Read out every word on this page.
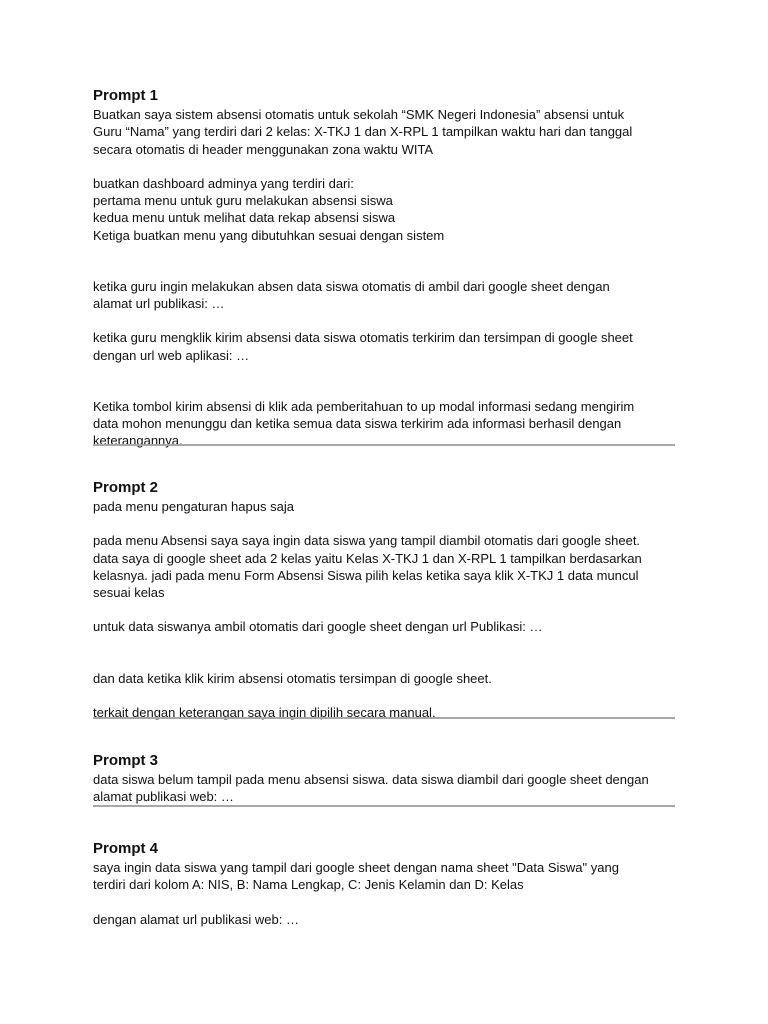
Prompt 1

Buatkan saya sistem absensi otomatis untuk sekolah “SMK Negeri Indonesia” absensi untuk
Guru “Nama” yang terdiri dari 2 kelas: X-TKJ 1 dan X-RPL 1 tampilkan waktu hari dan tanggal
secara otomatis di header menggunakan zona waktu WITA

buatkan dashboard adminya yang terdiri dari:
pertama menu untuk guru melakukan absensi siswa
kedua menu untuk melihat data rekap absensi siswa
Ketiga buatkan menu yang dibutuhkan sesuai dengan sistem

ketika guru ingin melakukan absen data siswa otomatis di ambil dari google sheet dengan
alamat url publikasi: …

ketika guru mengklik kirim absensi data siswa otomatis terkirim dan tersimpan di google sheet
dengan url web aplikasi: …

Ketika tombol kirim absensi di klik ada pemberitahuan to up modal informasi sedang mengirim
data mohon menunggu dan ketika semua data siswa terkirim ada informasi berhasil dengan
keterangannya.

Prompt 2

pada menu pengaturan hapus saja

pada menu Absensi saya saya ingin data siswa yang tampil diambil otomatis dari google sheet.
data saya di google sheet ada 2 kelas yaitu Kelas X-TKJ 1 dan X-RPL 1 tampilkan berdasarkan
kelasnya. jadi pada menu Form Absensi Siswa pilih kelas ketika saya klik X-TKJ 1 data muncul
sesuai kelas

untuk data siswanya ambil otomatis dari google sheet dengan url Publikasi: …

dan data ketika klik kirim absensi otomatis tersimpan di google sheet.

terkait dengan keterangan saya ingin dipilih secara manual.

Prompt 3

data siswa belum tampil pada menu absensi siswa. data siswa diambil dari google sheet dengan
alamat publikasi web: …

Prompt 4

saya ingin data siswa yang tampil dari google sheet dengan nama sheet "Data Siswa" yang
terdiri dari kolom A: NIS, B: Nama Lengkap, C: Jenis Kelamin dan D: Kelas

dengan alamat url publikasi web: …
